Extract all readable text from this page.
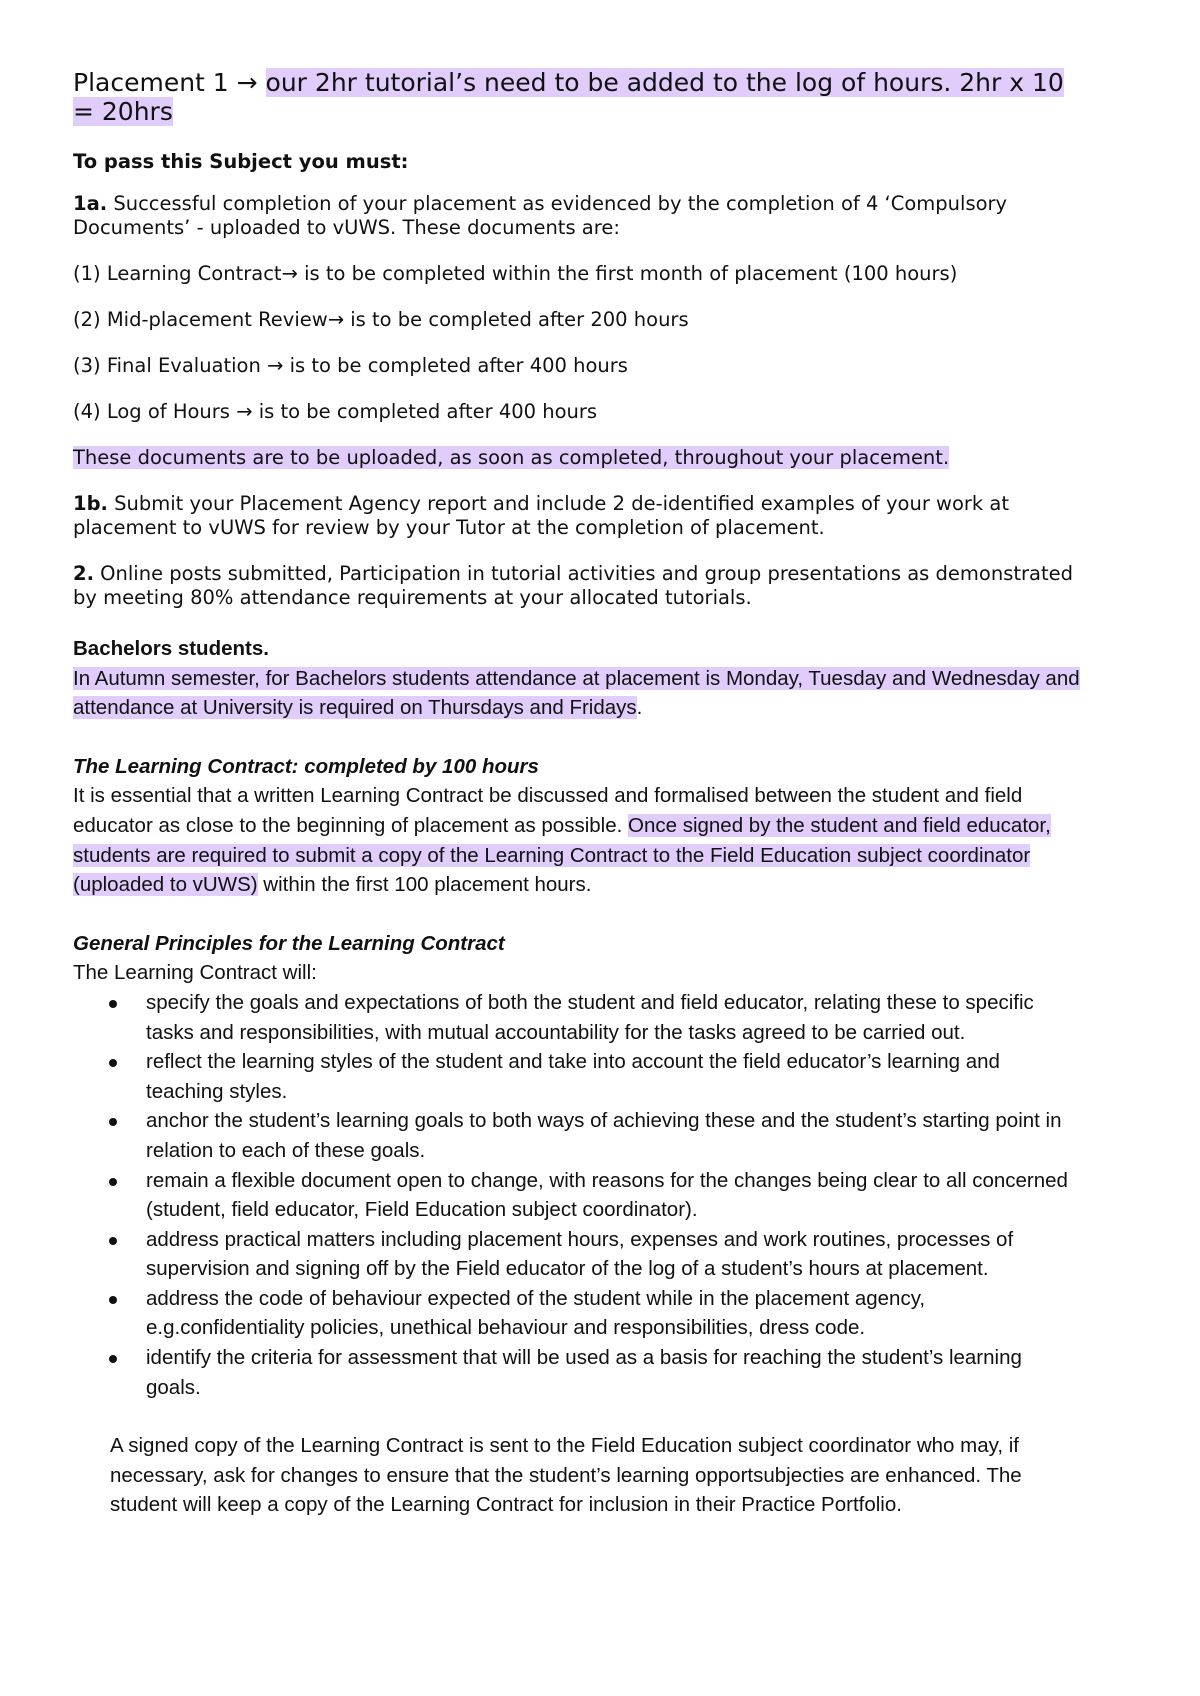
Placement 1 → our 2hr tutorial’s need to be added to the log of hours. 2hr x 10 = 20hrs

To pass this Subject you must:

1a. Successful completion of your placement as evidenced by the completion of 4 ‘Compulsory Documents’ - uploaded to vUWS. These documents are:

(1) Learning Contract→ is to be completed within the first month of placement (100 hours)

(2) Mid-placement Review→ is to be completed after 200 hours

(3) Final Evaluation → is to be completed after 400 hours

(4) Log of Hours → is to be completed after 400 hours

These documents are to be uploaded, as soon as completed, throughout your placement.

1b. Submit your Placement Agency report and include 2 de-identified examples of your work at placement to vUWS for review by your Tutor at the completion of placement.

2. Online posts submitted, Participation in tutorial activities and group presentations as demonstrated by meeting 80% attendance requirements at your allocated tutorials.

Bachelors students.

In Autumn semester, for Bachelors students attendance at placement is Monday, Tuesday and Wednesday and attendance at University is required on Thursdays and Fridays.

The Learning Contract: completed by 100 hours

It is essential that a written Learning Contract be discussed and formalised between the student and field educator as close to the beginning of placement as possible. Once signed by the student and field educator, students are required to submit a copy of the Learning Contract to the Field Education subject coordinator (uploaded to vUWS) within the first 100 placement hours.

General Principles for the Learning Contract

The Learning Contract will:

specify the goals and expectations of both the student and field educator, relating these to specific tasks and responsibilities, with mutual accountability for the tasks agreed to be carried out.
reflect the learning styles of the student and take into account the field educator’s learning and teaching styles.
anchor the student’s learning goals to both ways of achieving these and the student’s starting point in relation to each of these goals.
remain a flexible document open to change, with reasons for the changes being clear to all concerned (student, field educator, Field Education subject coordinator).
address practical matters including placement hours, expenses and work routines, processes of supervision and signing off by the Field educator of the log of a student’s hours at placement.
address the code of behaviour expected of the student while in the placement agency, e.g.confidentiality policies, unethical behaviour and responsibilities, dress code.
identify the criteria for assessment that will be used as a basis for reaching the student’s learning goals.

A signed copy of the Learning Contract is sent to the Field Education subject coordinator who may, if necessary, ask for changes to ensure that the student’s learning opportsubjecties are enhanced. The student will keep a copy of the Learning Contract for inclusion in their Practice Portfolio.
